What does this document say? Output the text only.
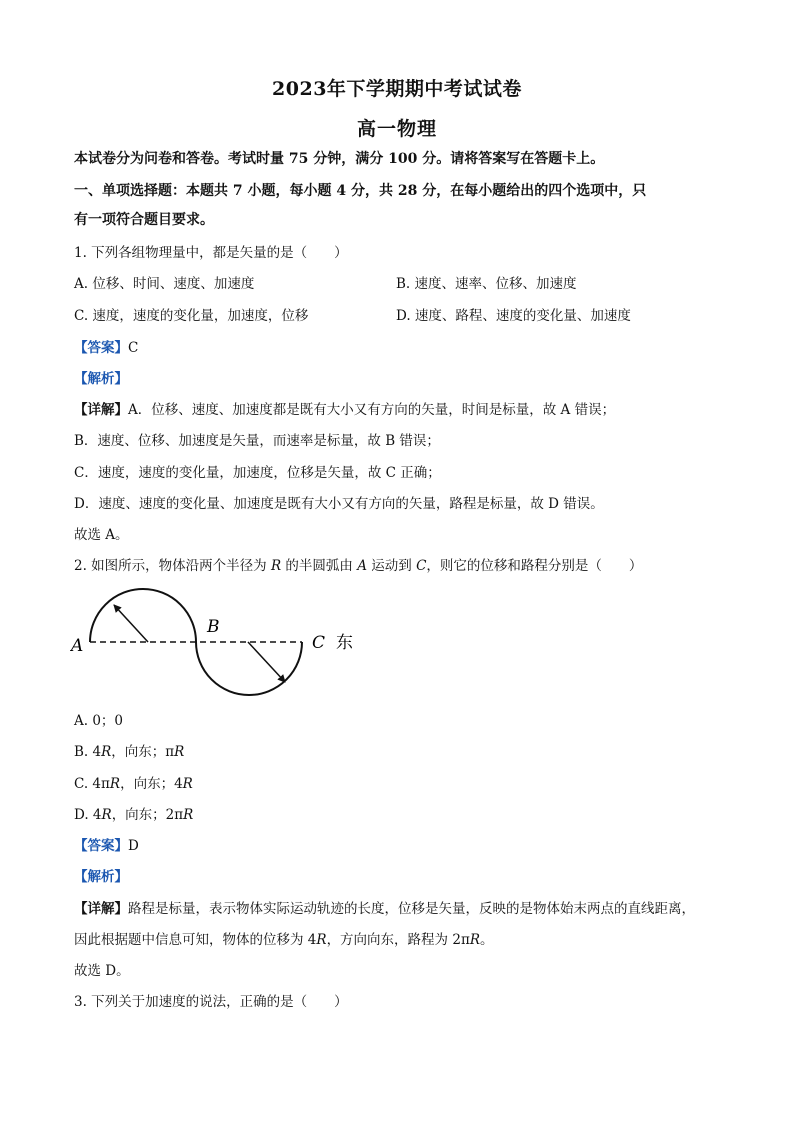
2023年下学期期中考试试卷
高一物理
本试卷分为问卷和答卷。考试时量 75 分钟，满分 100 分。请将答案写在答题卡上。
一、单项选择题：本题共 7 小题，每小题 4 分，共 28 分，在每小题给出的四个选项中，只
有一项符合题目要求。
1. 下列各组物理量中，都是矢量的是（　　）
A. 位移、时间、速度、加速度	B. 速度、速率、位移、加速度
C. 速度，速度的变化量，加速度，位移	D. 速度、路程、速度的变化量、加速度
【答案】C
【解析】
【详解】A．位移、速度、加速度都是既有大小又有方向的矢量，时间是标量，故 A 错误；
B．速度、位移、加速度是矢量，而速率是标量，故 B 错误；
C．速度，速度的变化量，加速度，位移是矢量，故 C 正确；
D．速度、速度的变化量、加速度是既有大小又有方向的矢量，路程是标量，故 D 错误。
故选 A。
2. 如图所示，物体沿两个半径为 R 的半圆弧由 A 运动到 C，则它的位移和路程分别是（　　）
A
B
C 东
A. 0；0
B. 4R，向东；πR
C. 4πR，向东；4R
D. 4R，向东；2πR
【答案】D
【解析】
【详解】路程是标量，表示物体实际运动轨迹的长度，位移是矢量，反映的是物体始末两点的直线距离，
因此根据题中信息可知，物体的位移为 4R，方向向东，路程为 2πR。
故选 D。
3. 下列关于加速度的说法，正确的是（　　）
